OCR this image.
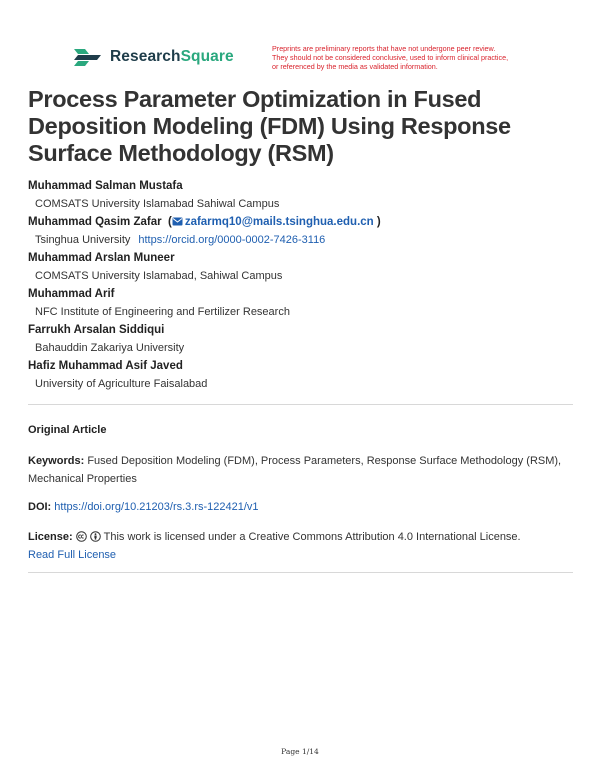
ResearchSquare	Preprints are preliminary reports that have not undergone peer review.
They should not be considered conclusive, used to inform clinical practice,
or referenced by the media as validated information.
Process Parameter Optimization in Fused
Deposition Modeling (FDM) Using Response
Surface Methodology (RSM)
Muhammad Salman Mustafa
COMSATS University Islamabad Sahiwal Campus
Muhammad Qasim Zafar  ( zafarmq10@mails.tsinghua.edu.cn )
Tsinghua University https://orcid.org/0000-0002-7426-3116
Muhammad Arslan Muneer
COMSATS University Islamabad, Sahiwal Campus
Muhammad Arif
NFC Institute of Engineering and Fertilizer Research
Farrukh Arsalan Siddiqui
Bahauddin Zakariya University
Hafiz Muhammad Asif Javed
University of Agriculture Faisalabad
Original Article
Keywords: Fused Deposition Modeling (FDM), Process Parameters, Response Surface Methodology (RSM), Mechanical Properties
DOI: https://doi.org/10.21203/rs.3.rs-122421/v1
License:	This work is licensed under a Creative Commons Attribution 4.0 International License.
Read Full License
Page 1/14
